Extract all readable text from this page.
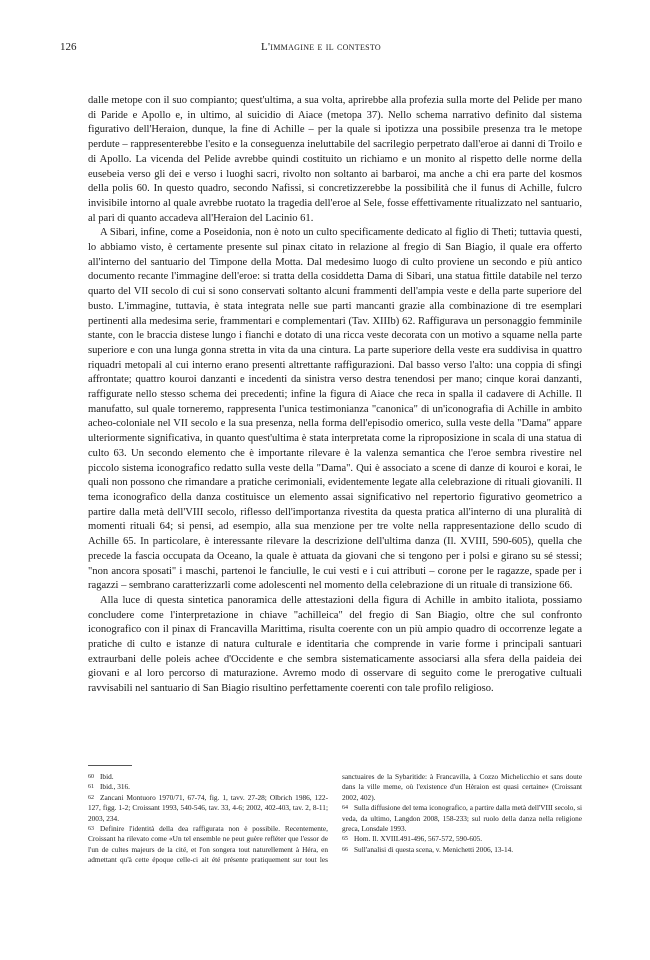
126	L'immagine e il contesto

dalle metope con il suo compianto; quest'ultima, a sua volta, aprirebbe alla profezia sulla morte del Pelide per mano di Paride e Apollo e, in ultimo, al suicidio di Aiace (metopa 37). Nello schema narrativo definito dal sistema figurativo dell'Heraion, dunque, la fine di Achille – per la quale si ipotizza una possibile presenza tra le metope perdute – rappresenterebbe l'esito e la conseguenza ineluttabile del sacrilegio perpetrato dall'eroe ai danni di Troilo e di Apollo. La vicenda del Pelide avrebbe quindi costituito un richiamo e un monito al rispetto delle norme della eusebeia verso gli dei e verso i luoghi sacri, rivolto non soltanto ai barbaroi, ma anche a chi era parte del kosmos della polis 60. In questo quadro, secondo Nafissi, si concretizzerebbe la possibilità che il funus di Achille, fulcro invisibile intorno al quale avrebbe ruotato la tragedia dell'eroe al Sele, fosse effettivamente ritualizzato nel santuario, al pari di quanto accadeva all'Heraion del Lacinio 61.

A Sibari, infine, come a Poseidonia, non è noto un culto specificamente dedicato al figlio di Theti; tuttavia questi, lo abbiamo visto, è certamente presente sul pinax citato in relazione al fregio di San Biagio, il quale era offerto all'interno del santuario del Timpone della Motta. Dal medesimo luogo di culto proviene un secondo e più antico documento recante l'immagine dell'eroe: si tratta della cosiddetta Dama di Sibari, una statua fittile databile nel terzo quarto del VII secolo di cui si sono conservati soltanto alcuni frammenti dell'ampia veste e della parte superiore del busto. L'immagine, tuttavia, è stata integrata nelle sue parti mancanti grazie alla combinazione di tre esemplari pertinenti alla medesima serie, frammentari e complementari (Tav. XIIIb) 62. Raffigurava un personaggio femminile stante, con le braccia distese lungo i fianchi e dotato di una ricca veste decorata con un motivo a squame nella parte superiore e con una lunga gonna stretta in vita da una cintura. La parte superiore della veste era suddivisa in quattro riquadri metopali al cui interno erano presenti altrettante raffigurazioni. Dal basso verso l'alto: una coppia di sfingi affrontate; quattro kouroi danzanti e incedenti da sinistra verso destra tenendosi per mano; cinque korai danzanti, raffigurate nello stesso schema dei precedenti; infine la figura di Aiace che reca in spalla il cadavere di Achille. Il manufatto, sul quale torneremo, rappresenta l'unica testimonianza "canonica" di un'iconografia di Achille in ambito acheo-coloniale nel VII secolo e la sua presenza, nella forma dell'episodio omerico, sulla veste della "Dama" appare ulteriormente significativa, in quanto quest'ultima è stata interpretata come la riproposizione in scala di una statua di culto 63. Un secondo elemento che è importante rilevare è la valenza semantica che l'eroe sembra rivestire nel piccolo sistema iconografico redatto sulla veste della "Dama". Qui è associato a scene di danze di kouroi e korai, le quali non possono che rimandare a pratiche cerimoniali, evidentemente legate alla celebrazione di rituali giovanili. Il tema iconografico della danza costituisce un elemento assai significativo nel repertorio figurativo geometrico a partire dalla metà dell'VIII secolo, riflesso dell'importanza rivestita da questa pratica all'interno di una pluralità di momenti rituali 64; si pensi, ad esempio, alla sua menzione per tre volte nella rappresentazione dello scudo di Achille 65. In particolare, è interessante rilevare la descrizione dell'ultima danza (Il. XVIII, 590-605), quella che precede la fascia occupata da Oceano, la quale è attuata da giovani che si tengono per i polsi e girano su sé stessi; "non ancora sposati" i maschi, partenoi le fanciulle, le cui vesti e i cui attributi – corone per le ragazze, spade per i ragazzi – sembrano caratterizzarli come adolescenti nel momento della celebrazione di un rituale di transizione 66.

Alla luce di questa sintetica panoramica delle attestazioni della figura di Achille in ambito italiota, possiamo concludere come l'interpretazione in chiave "achilleica" del fregio di San Biagio, oltre che sul confronto iconografico con il pinax di Francavilla Marittima, risulta coerente con un più ampio quadro di occorrenze legate a pratiche di culto e istanze di natura culturale e identitaria che comprende in varie forme i principali santuari extraurbani delle poleis achee d'Occidente e che sembra sistematicamente associarsi alla sfera della paideia dei giovani e al loro percorso di maturazione. Avremo modo di osservare di seguito come le prerogative cultuali ravvisabili nel santuario di San Biagio risultino perfettamente coerenti con tale profilo religioso.

60 Ibid.

61 Ibid., 316.

62 Zancani Montuoro 1970/71, 67-74, fig. 1, tavv. 27-28; Olbrich 1986, 122-127, figg. 1-2; Croissant 1993, 540-546, tav. 33, 4-6; 2002, 402-403, tav. 2, 8-11; 2003, 234.

63 Definire l'identità della dea raffigurata non è possibile. Recentemente, Croissant ha rilevato come «Un tel ensemble ne peut guère refléter que l'essor de l'un de cultes majeurs de la cité, et l'on songera tout naturellement à Héra, en admettant qu'à cette époque celle-ci ait été présente pratiquement sur tout les sanctuaires de la Sybaritide: à Francavilla, à Cozzo Michelicchio et sans doute dans la ville meme, où l'existence d'un Hèraion est quasi certaine» (Croissant 2002, 402).

64 Sulla diffusione del tema iconografico, a partire dalla metà dell'VIII secolo, si veda, da ultimo, Langdon 2008, 158-233; sul ruolo della danza nella religione greca, Lonsdale 1993.

65 Hom. Il. XVIII.491-496, 567-572, 590-605.

66 Sull'analisi di questa scena, v. Menichetti 2006, 13-14.
